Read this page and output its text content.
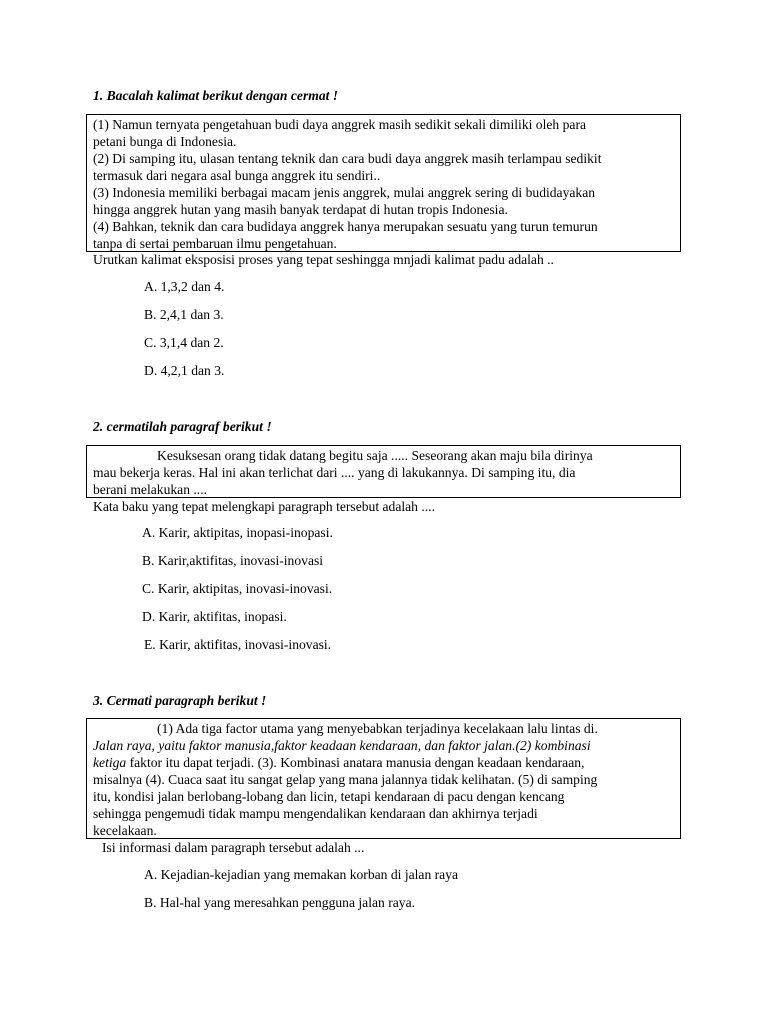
1. Bacalah kalimat berikut dengan cermat !

(1) Namun ternyata pengetahuan budi daya anggrek masih sedikit sekali dimiliki oleh para

petani bunga di Indonesia.

(2) Di samping itu, ulasan tentang teknik dan cara budi daya anggrek masih terlampau sedikit

termasuk dari negara asal bunga anggrek itu sendiri..

(3) Indonesia memiliki berbagai macam jenis anggrek, mulai anggrek sering di budidayakan

hingga anggrek hutan yang masih banyak terdapat di hutan tropis Indonesia.

(4) Bahkan, teknik dan cara budidaya anggrek hanya merupakan sesuatu yang turun temurun

tanpa di sertai pembaruan ilmu pengetahuan.

Urutkan kalimat eksposisi proses yang tepat seshingga mnjadi kalimat padu adalah ..
A. 1,3,2 dan 4.
B. 2,4,1 dan 3.
C. 3,1,4 dan 2.
D. 4,2,1 dan 3.
2. cermatilah paragraf berikut !

Kesuksesan orang tidak datang begitu saja ..... Seseorang akan maju bila dirinya

mau bekerja keras. Hal ini akan terlichat dari .... yang di lakukannya. Di samping itu, dia

berani melakukan ....

Kata baku yang tepat melengkapi paragraph tersebut adalah ....
A. Karir, aktipitas, inopasi-inopasi.
B. Karir,aktifitas, inovasi-inovasi
C. Karir, aktipitas, inovasi-inovasi.
D. Karir, aktifitas, inopasi.
E. Karir, aktifitas, inovasi-inovasi.
3. Cermati paragraph berikut !

(1) Ada tiga factor utama yang menyebabkan terjadinya kecelakaan lalu lintas di.

Jalan raya, yaitu faktor manusia,faktor keadaan kendaraan, dan faktor jalan.(2) kombinasi

ketiga faktor itu dapat terjadi. (3). Kombinasi anatara manusia dengan keadaan kendaraan,

misalnya (4). Cuaca saat itu sangat gelap yang mana jalannya tidak kelihatan. (5) di samping

itu, kondisi jalan berlobang-lobang dan licin, tetapi kendaraan di pacu dengan kencang

sehingga pengemudi tidak mampu mengendalikan kendaraan dan akhirnya terjadi

kecelakaan.

Isi informasi dalam paragraph tersebut adalah ...
A. Kejadian-kejadian yang memakan korban di jalan raya
B. Hal-hal yang meresahkan pengguna jalan raya.
